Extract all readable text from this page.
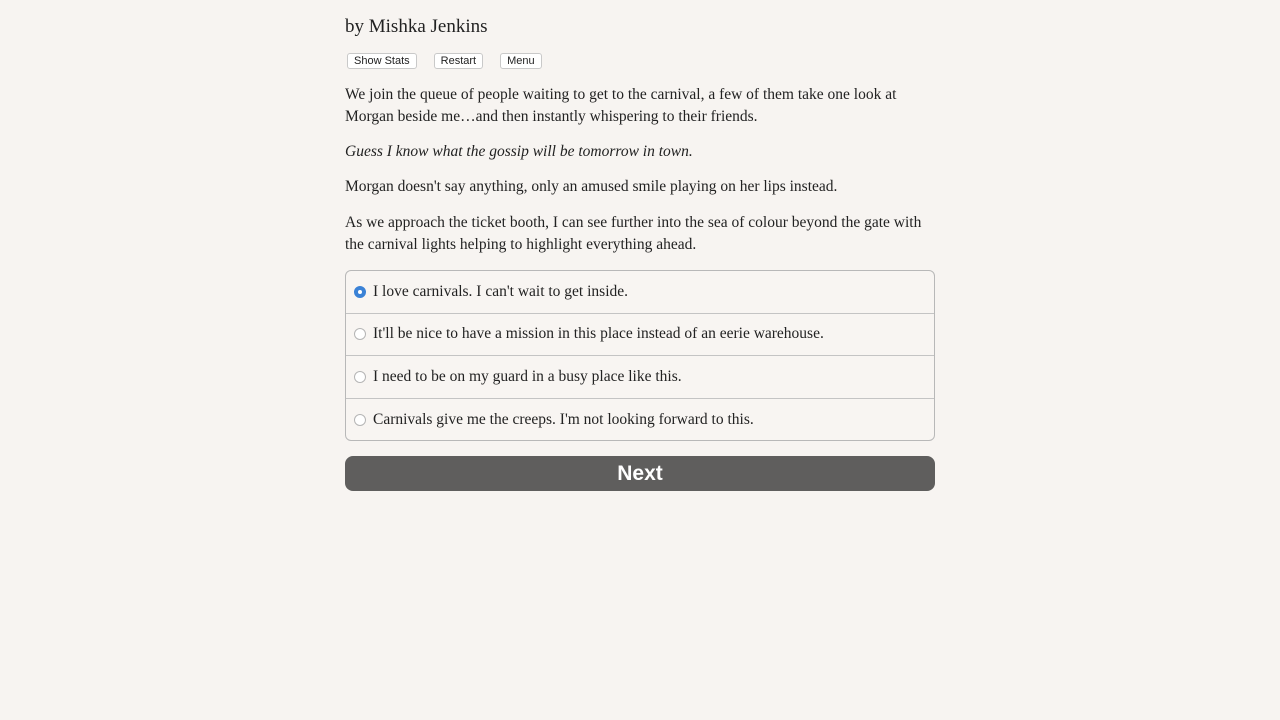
by Mishka Jenkins
Show Stats	Restart	Menu

We join the queue of people waiting to get to the carnival, a few of them take one look at Morgan beside me…and then instantly whispering to their friends.

Guess I know what the gossip will be tomorrow in town.

Morgan doesn't say anything, only an amused smile playing on her lips instead.

As we approach the ticket booth, I can see further into the sea of colour beyond the gate with the carnival lights helping to highlight everything ahead.

I love carnivals. I can't wait to get inside.
It'll be nice to have a mission in this place instead of an eerie warehouse.
I need to be on my guard in a busy place like this.
Carnivals give me the creeps. I'm not looking forward to this.
Next
